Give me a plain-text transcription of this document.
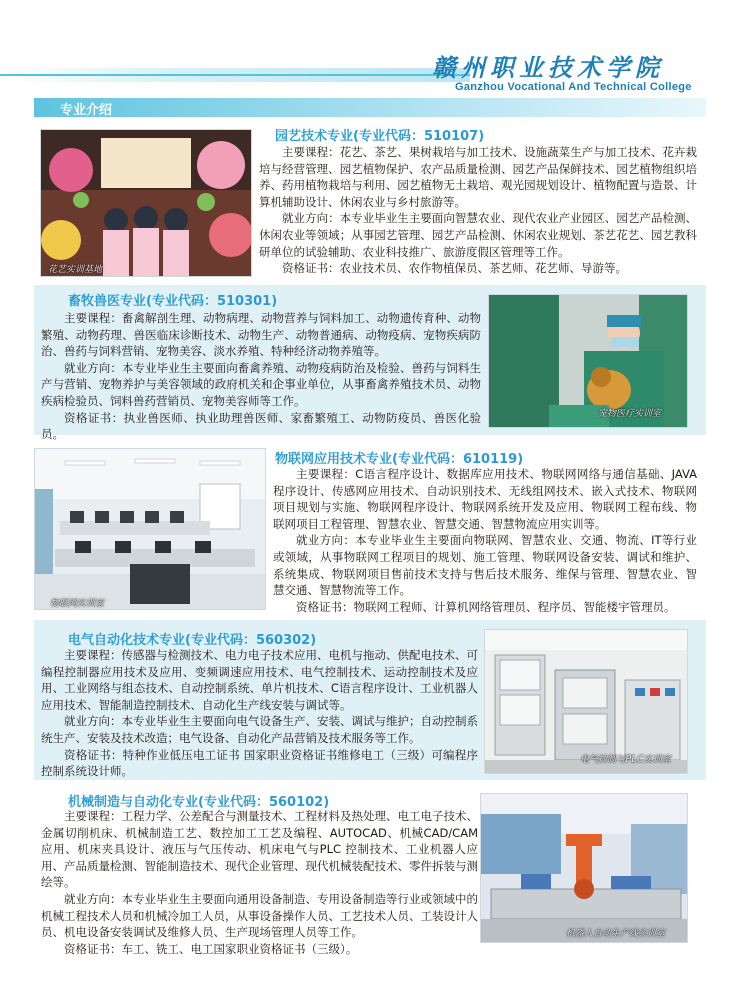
赣州职业技术学院
Ganzhou Vocational And Technical College
专业介绍
花艺实训基地
园艺技术专业(专业代码：510107)

主要课程：花艺、茶艺、果树栽培与加工技术、设施蔬菜生产与加工技术、花卉栽培与经营管理、园艺植物保护、农产品质量检测、园艺产品保鲜技术、园艺植物组织培养、药用植物栽培与利用、园艺植物无土栽培、观光园规划设计、植物配置与造景、计算机辅助设计、休闲农业与乡村旅游等。

就业方向：本专业毕业生主要面向智慧农业、现代农业产业园区、园艺产品检测、休闲农业等领域；从事园艺管理、园艺产品检测、休闲农业规划、茶艺花艺、园艺教科研单位的试验辅助、农业科技推广、旅游度假区管理等工作。

资格证书：农业技术员、农作物植保员、茶艺师、花艺师、导游等。

畜牧兽医专业(专业代码：510301)

主要课程：畜禽解剖生理、动物病理、动物营养与饲料加工、动物遗传育种、动物繁殖、动物药理、兽医临床诊断技术、动物生产、动物普通病、动物疫病、宠物疾病防治、兽药与饲料营销、宠物美容、淡水养殖、特种经济动物养殖等。

就业方向：本专业毕业生主要面向畜禽养殖、动物疫病防治及检验、兽药与饲料生产与营销、宠物养护与美容领域的政府机关和企事业单位，从事畜禽养殖技术员、动物疾病检验员、饲料兽药营销员、宠物美容师等工作。

资格证书：执业兽医师、执业助理兽医师、家畜繁殖工、动物防疫员、兽医化验员。

宠物医疗实训室
物联网实训室
物联网应用技术专业(专业代码：610119)

主要课程：C语言程序设计、数据库应用技术、物联网网络与通信基础、JAVA程序设计、传感网应用技术、自动识别技术、无线组网技术、嵌入式技术、物联网项目规划与实施、物联网程序设计、物联网系统开发及应用、物联网工程布线、物联网项目工程管理、智慧农业、智慧交通、智慧物流应用实训等。

就业方向：本专业毕业生主要面向物联网、智慧农业、交通、物流、IT等行业或领域，从事物联网工程项目的规划、施工管理、物联网设备安装、调试和维护、系统集成、物联网项目售前技术支持与售后技术服务、维保与管理、智慧农业、智慧交通、智慧物流等工作。

资格证书：物联网工程师、计算机网络管理员、程序员、智能楼宇管理员。

电气自动化技术专业(专业代码：560302)

主要课程：传感器与检测技术、电力电子技术应用、电机与拖动、供配电技术、可编程控制器应用技术及应用、变频调速应用技术、电气控制技术、运动控制技术及应用、工业网络与组态技术、自动控制系统、单片机技术、C语言程序设计、工业机器人应用技术、智能制造控制技术、自动化生产线安装与调试等。

就业方向：本专业毕业生主要面向电气设备生产、安装、调试与维护；自动控制系统生产、安装及技术改造；电气设备、自动化产品营销及技术服务等工作。

资格证书：特种作业低压电工证书 国家职业资格证书维修电工（三级）可编程序控制系统设计师。

电气控制与PLC实训室
机械制造与自动化专业(专业代码：560102)

主要课程：工程力学、公差配合与测量技术、工程材料及热处理、电工电子技术、金属切削机床、机械制造工艺、数控加工工艺及编程、AUTOCAD、机械CAD/CAM 应用、机床夹具设计、液压与气压传动、机床电气与PLC 控制技术、工业机器人应用、产品质量检测、智能制造技术、现代企业管理、现代机械装配技术、零件拆装与测绘等。

就业方向：本专业毕业生主要面向通用设备制造、专用设备制造等行业或领域中的机械工程技术人员和机械冷加工人员，从事设备操作人员、工艺技术人员、工装设计人员、机电设备安装调试及维修人员、生产现场管理人员等工作。

资格证书：车工、铣工、电工国家职业资格证书（三级）。

机器人自动生产线实训室
